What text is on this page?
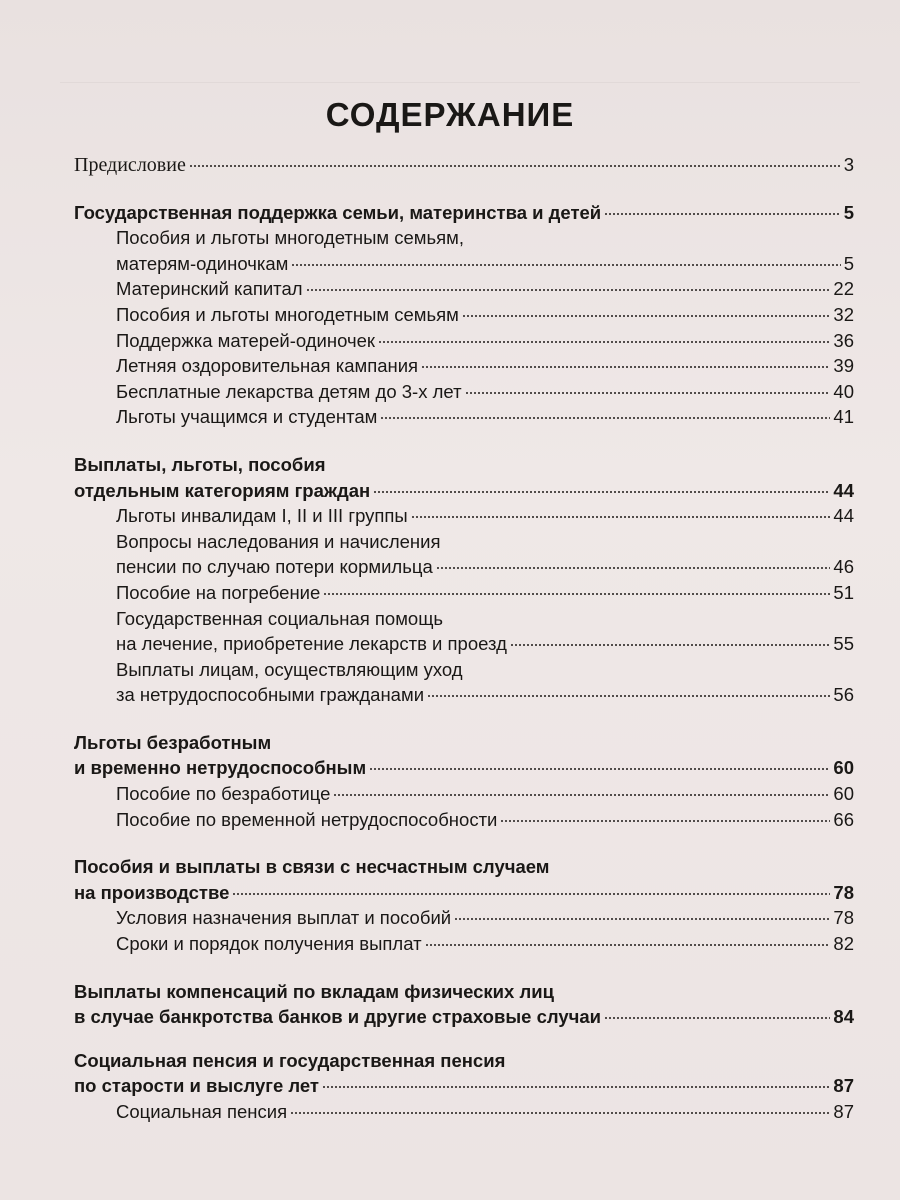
СОДЕРЖАНИЕ
Предисловие	3
Государственная поддержка семьи, материнства и детей	5
Пособия и льготы многодетным семьям,
матерям-одиночкам	5
Материнский капитал	22
Пособия и льготы многодетным семьям	32
Поддержка матерей-одиночек	36
Летняя оздоровительная кампания	39
Бесплатные лекарства детям до 3-х лет	40
Льготы учащимся и студентам	41
Выплаты, льготы, пособия
отдельным категориям граждан	44
Льготы инвалидам I, II и III группы	44
Вопросы наследования и начисления
пенсии по случаю потери кормильца	46
Пособие на погребение	51
Государственная социальная помощь
на лечение, приобретение лекарств и проезд	55
Выплаты лицам, осуществляющим уход
за нетрудоспособными гражданами	56
Льготы безработным
и временно нетрудоспособным	60
Пособие по безработице	60
Пособие по временной нетрудоспособности	66
Пособия и выплаты в связи с несчастным случаем
на производстве	78
Условия назначения выплат и пособий	78
Сроки и порядок получения выплат	82
Выплаты компенсаций по вкладам физических лиц
в случае банкротства банков и другие страховые случаи	84
Социальная пенсия и государственная пенсия
по старости и выслуге лет	87
Социальная пенсия	87
